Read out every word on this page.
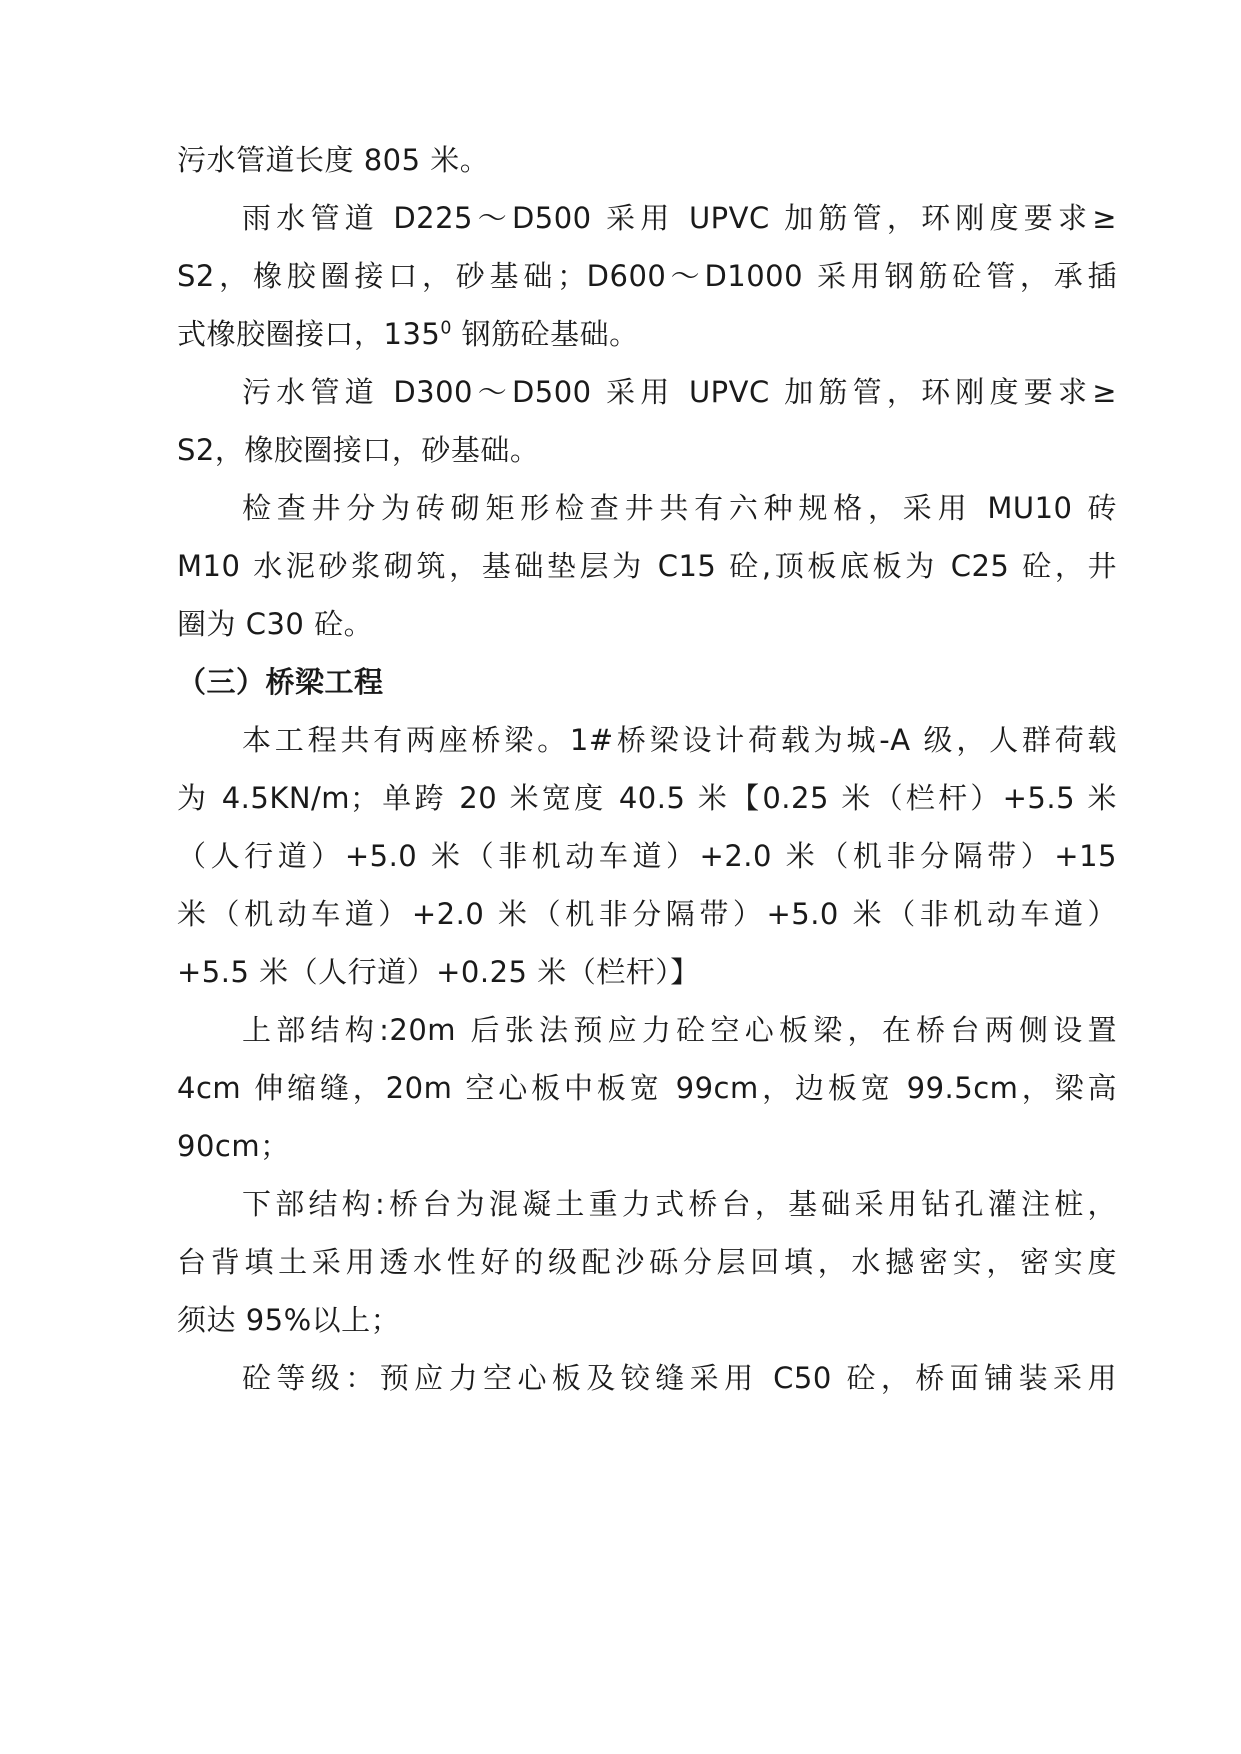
污水管道长度 805 米。
雨水管道 D225～D500 采用 UPVC 加筋管，环刚度要求≥
S2，橡胶圈接口，砂基础；D600～D1000 采用钢筋砼管，承插
式橡胶圈接口，$135^0$ 钢筋砼基础。
污水管道 D300～D500 采用 UPVC 加筋管，环刚度要求≥
S2，橡胶圈接口，砂基础。
检查井分为砖砌矩形检查井共有六种规格，采用 MU10 砖
M10 水泥砂浆砌筑，基础垫层为 C15 砼,顶板底板为 C25 砼，井
圈为 C30 砼。
（三）桥梁工程
本工程共有两座桥梁。1#桥梁设计荷载为城-A 级，人群荷载
为 4.5KN/m；单跨 20 米宽度 40.5 米【0.25 米（栏杆）+5.5 米
（人行道）+5.0 米（非机动车道）+2.0 米（机非分隔带）+15
米（机动车道）+2.0 米（机非分隔带）+5.0 米（非机动车道）
+5.5 米（人行道）+0.25 米（栏杆）】
上部结构:20m 后张法预应力砼空心板梁，在桥台两侧设置
4cm 伸缩缝，20m 空心板中板宽 99cm，边板宽 99.5cm，梁高
90cm；
下部结构:桥台为混凝土重力式桥台，基础采用钻孔灌注桩，
台背填土采用透水性好的级配沙砾分层回填，水撼密实，密实度
须达 95%以上；
砼等级：预应力空心板及铰缝采用 C50 砼，桥面铺装采用
